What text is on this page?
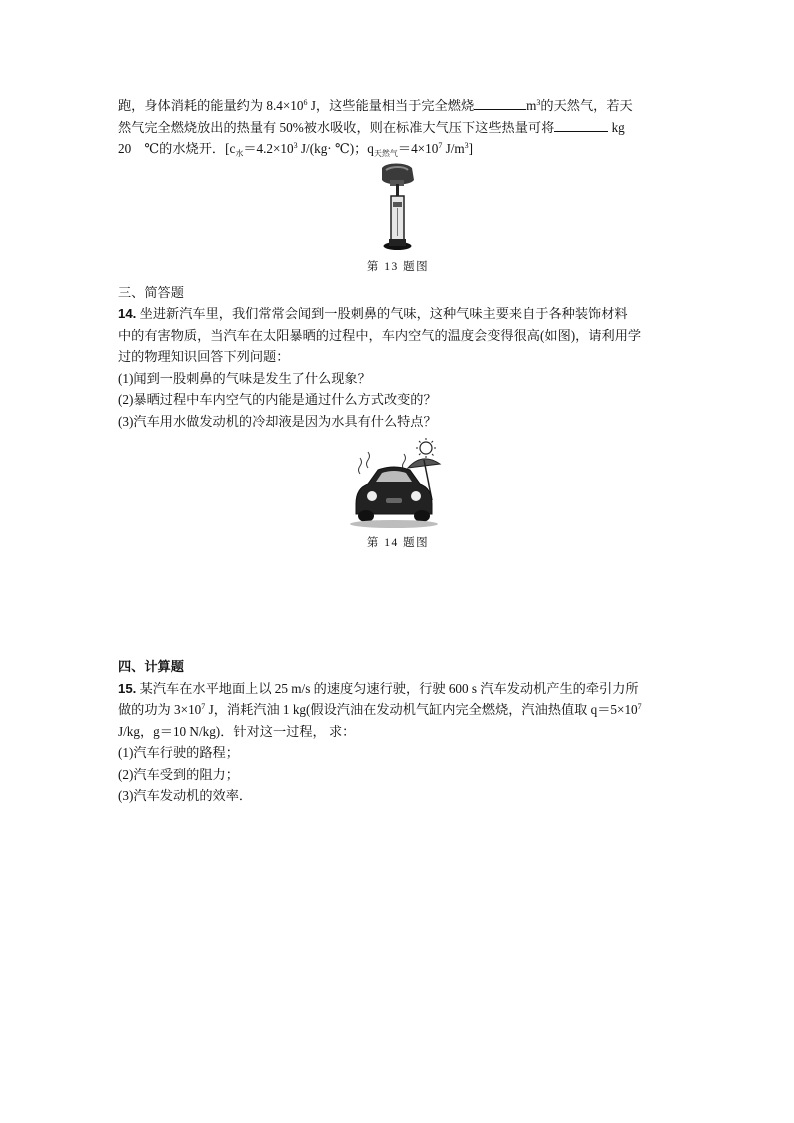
跑，身体消耗的能量约为 $8.4\times 10^6$ J，这些能量相当于完全燃烧	$m^3$的天然气，若天
然气完全燃烧放出的热量有 50%被水吸收，则在标准大气压下这些热量可将	kg
20　℃的水烧开．[$c_水=4.2\times 10^3$ J/(kg· ℃)；$q_{天然气}=4\times 10^7$ $J/m^3$]
第 13 题图
三、简答题
14. 坐进新汽车里，我们常常会闻到一股刺鼻的气味，这种气味主要来自于各种装饰材料
中的有害物质，当汽车在太阳暴晒的过程中，车内空气的温度会变得很高(如图)，请利用学
过的物理知识回答下列问题：
(1)闻到一股刺鼻的气味是发生了什么现象？
(2)暴晒过程中车内空气的内能是通过什么方式改变的？
(3)汽车用水做发动机的冷却液是因为水具有什么特点？
第 14 题图
四、计算题
15. 某汽车在水平地面上以 25 m/s 的速度匀速行驶，行驶 600 s 汽车发动机产生的牵引力所
做的功为 $3\times 10^7$ J，消耗汽油 1 kg(假设汽油在发动机气缸内完全燃烧，汽油热值取 $q=5\times 10^7$
J/kg，g＝10 N/kg)．针对这一过程， 求：
(1)汽车行驶的路程；
(2)汽车受到的阻力；
(3)汽车发动机的效率．
